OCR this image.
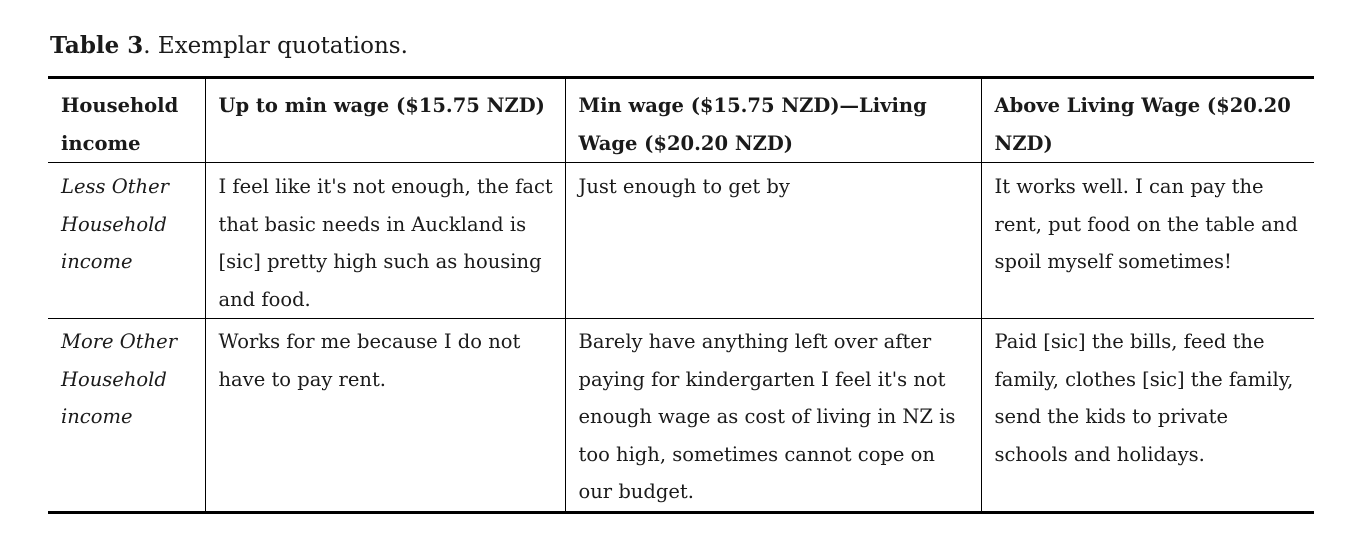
Table 3. Exemplar quotations.
Household income	Up to min wage ($15.75 NZD)	Min wage ($15.75 NZD)—Living Wage ($20.20 NZD)	Above Living Wage ($20.20 NZD)
Less Other Household income	I feel like it's not enough, the fact that basic needs in Auckland is [sic] pretty high such as housing and food.	Just enough to get by	It works well. I can pay the rent, put food on the table and spoil myself sometimes!
More Other Household income	Works for me because I do not have to pay rent.	Barely have anything left over after paying for kindergarten I feel it's not enough wage as cost of living in NZ is too high, sometimes cannot cope on our budget.	Paid [sic] the bills, feed the family, clothes [sic] the family, send the kids to private schools and holidays.
